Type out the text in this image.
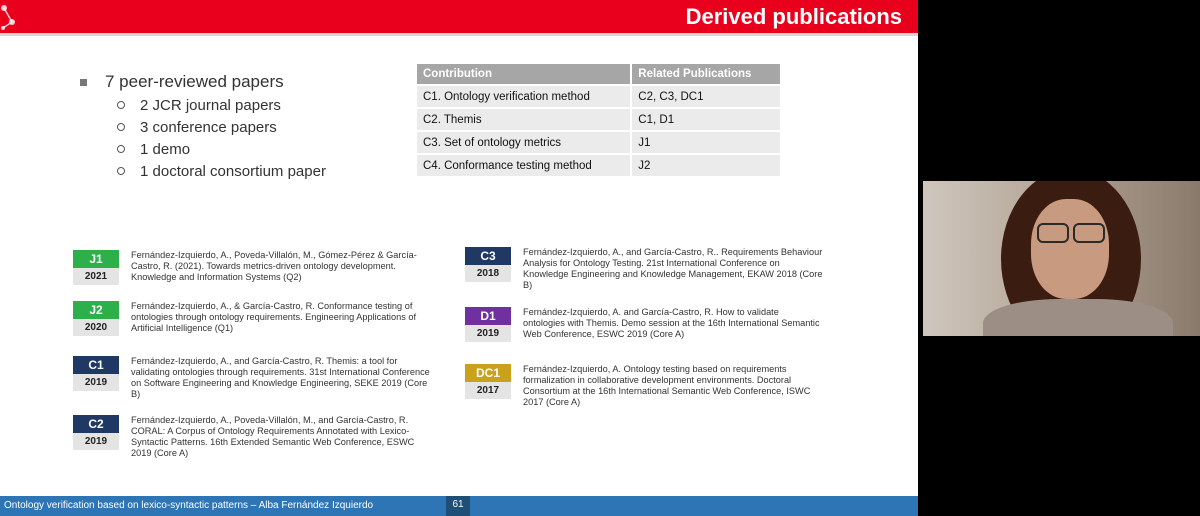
Derived publications
7 peer-reviewed papers
2 JCR journal papers
3 conference papers
1 demo
1 doctoral consortium paper
Contribution	Related Publications
C1. Ontology verification method	C2, C3, DC1
C2. Themis	C1, D1
C3. Set of ontology metrics	J1
C4. Conformance testing method	J2
J1
2021
Fernández-Izquierdo, A., Poveda-Villalón, M., Gómez-Pérez & García-Castro, R. (2021). Towards metrics-driven ontology development. Knowledge and Information Systems (Q2)
J2
2020
Fernández-Izquierdo, A., & García-Castro, R. Conformance testing of ontologies through ontology requirements. Engineering Applications of Artificial Intelligence (Q1)
C1
2019
Fernández-Izquierdo, A., and García-Castro, R. Themis: a tool for validating ontologies through requirements. 31st International Conference on Software Engineering and Knowledge Engineering, SEKE 2019 (Core B)
C2
2019
Fernández-Izquierdo, A., Poveda-Villalón, M., and García-Castro, R. CORAL: A Corpus of Ontology Requirements Annotated with Lexico-Syntactic Patterns. 16th Extended Semantic Web Conference, ESWC 2019 (Core A)
C3
2018
Fernández-Izquierdo, A., and García-Castro, R.. Requirements Behaviour Analysis for Ontology Testing. 21st International Conference on Knowledge Engineering and Knowledge Management, EKAW 2018 (Core B)
D1
2019
Fernández-Izquierdo, A. and García-Castro, R. How to validate ontologies with Themis. Demo session at the 16th International Semantic Web Conference, ESWC 2019 (Core A)
DC1
2017
Fernández-Izquierdo, A. Ontology testing based on requirements formalization in collaborative development environments. Doctoral Consortium at the 16th International Semantic Web Conference, ISWC 2017 (Core A)
Ontology verification based on lexico-syntactic patterns – Alba Fernández Izquierdo	61
